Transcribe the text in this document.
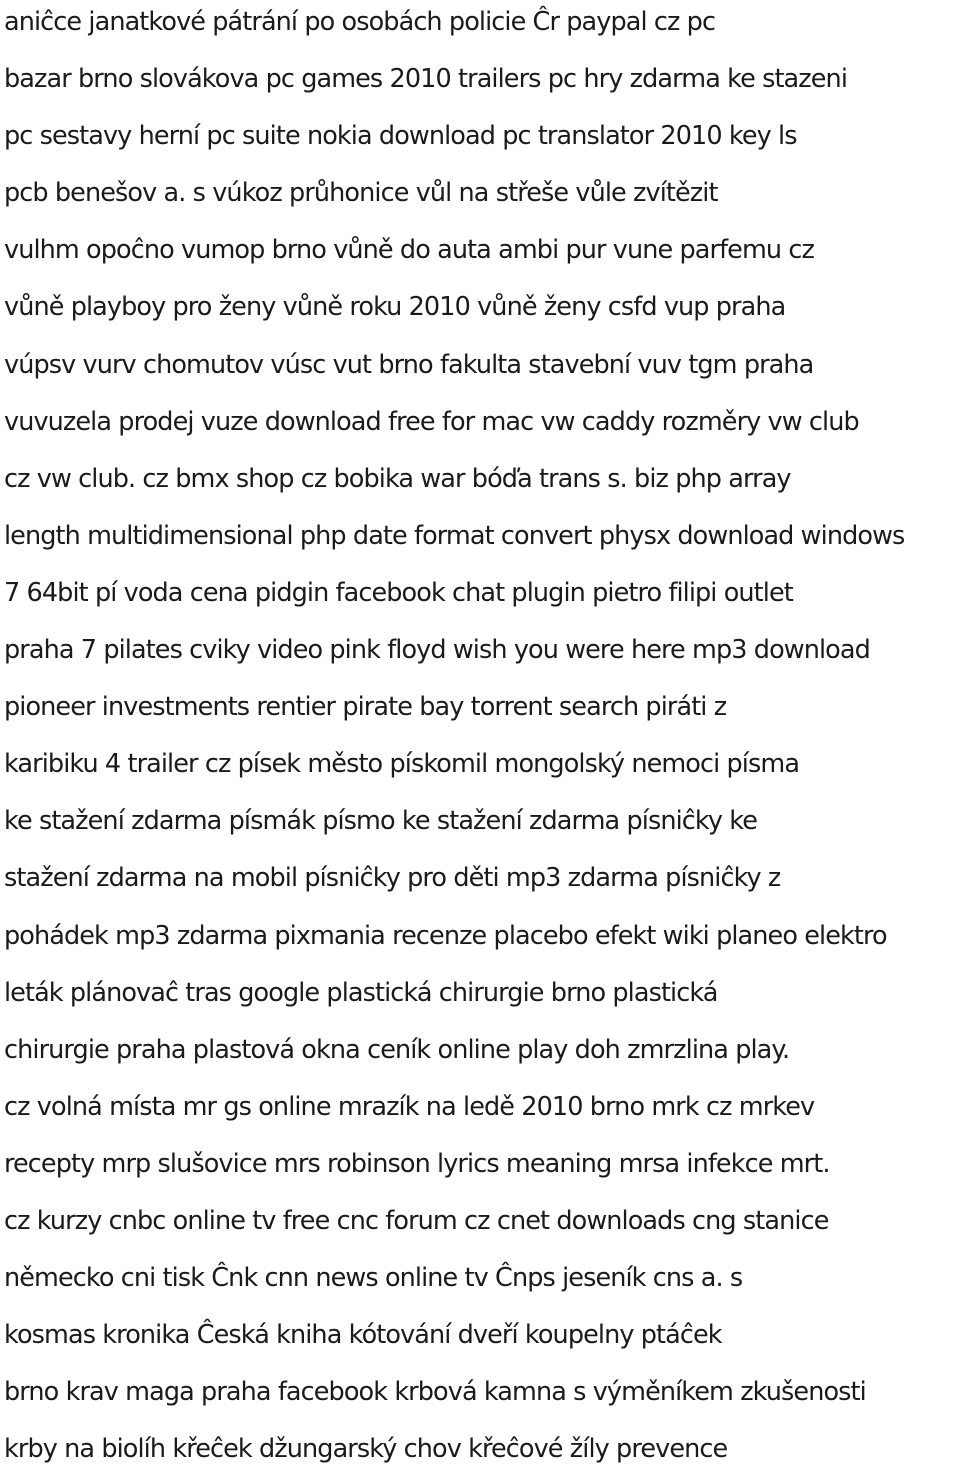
aniĉce janatkové pátrání po osobách policie Ĉr paypal cz pc
bazar brno slovákova pc games 2010 trailers pc hry zdarma ke stazeni
pc sestavy herní pc suite nokia download pc translator 2010 key ls
pcb benešov a. s vúkoz průhonice vůl na střeše vůle zvítězit
vulhm opoĉno vumop brno vůně do auta ambi pur vune parfemu cz
vůně playboy pro ženy vůně roku 2010 vůně ženy csfd vup praha
vúpsv vurv chomutov vúsc vut brno fakulta stavební vuv tgm praha
vuvuzela prodej vuze download free for mac vw caddy rozměry vw club
cz vw club. cz bmx shop cz bobika war bóďa trans s. biz php array
length multidimensional php date format convert physx download windows
7 64bit pí voda cena pidgin facebook chat plugin pietro filipi outlet
praha 7 pilates cviky video pink floyd wish you were here mp3 download
pioneer investments rentier pirate bay torrent search piráti z
karibiku 4 trailer cz písek město pískomil mongolský nemoci písma
ke stažení zdarma písmák písmo ke stažení zdarma písniĉky ke
stažení zdarma na mobil písniĉky pro děti mp3 zdarma písniĉky z
pohádek mp3 zdarma pixmania recenze placebo efekt wiki planeo elektro
leták plánovaĉ tras google plastická chirurgie brno plastická
chirurgie praha plastová okna ceník online play doh zmrzlina play.
cz volná místa mr gs online mrazík na ledě 2010 brno mrk cz mrkev
recepty mrp slušovice mrs robinson lyrics meaning mrsa infekce mrt.
cz kurzy cnbc online tv free cnc forum cz cnet downloads cng stanice
německo cni tisk Ĉnk cnn news online tv Ĉnps jeseník cns a. s
kosmas kronika Ĉeská kniha kótování dveří koupelny ptáĉek
brno krav maga praha facebook krbová kamna s výměníkem zkušenosti
krby na biolíh křeĉek džungarský chov křeĉové žíly prevence
